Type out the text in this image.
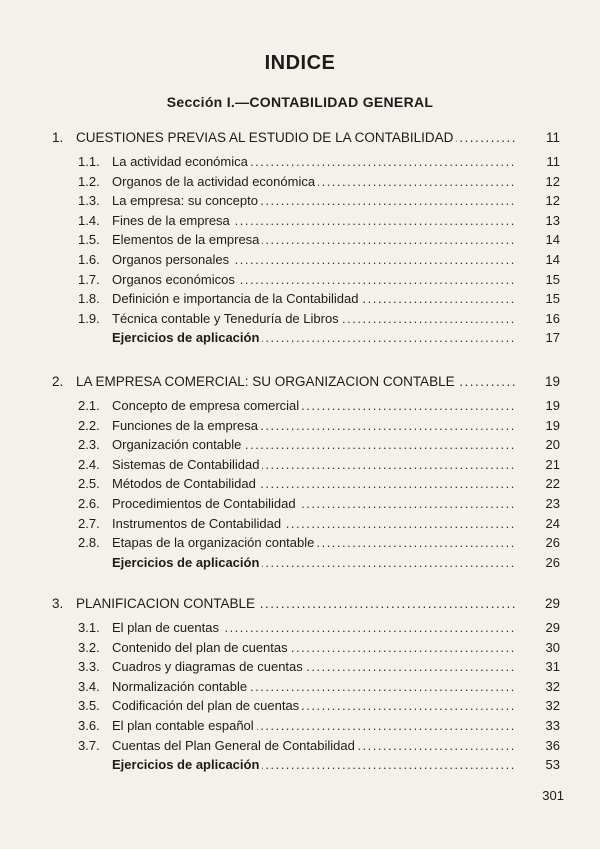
INDICE
Sección I.—CONTABILIDAD GENERAL
1. CUESTIONES PREVIAS AL ESTUDIO DE LA CONTABILIDAD .....	11
1.1. La actividad económica .....	11
1.2. Organos de la actividad económica .....	12
1.3. La empresa: su concepto .....	12
1.4. Fines de la empresa .....	13
1.5. Elementos de la empresa .....	14
1.6. Organos personales .....	14
1.7. Organos económicos .....	15
1.8. Definición e importancia de la Contabilidad .....	15
1.9. Técnica contable y Teneduría de Libros .....	16
Ejercicios de aplicación .....	17
2. LA EMPRESA COMERCIAL: SU ORGANIZACION CONTABLE .....	19
2.1. Concepto de empresa comercial .....	19
2.2. Funciones de la empresa .....	19
2.3. Organización contable .....	20
2.4. Sistemas de Contabilidad .....	21
2.5. Métodos de Contabilidad .....	22
2.6. Procedimientos de Contabilidad .....	23
2.7. Instrumentos de Contabilidad .....	24
2.8. Etapas de la organización contable .....	26
Ejercicios de aplicación .....	26
3. PLANIFICACION CONTABLE .....	29
3.1. El plan de cuentas .....	29
3.2. Contenido del plan de cuentas .....	30
3.3. Cuadros y diagramas de cuentas .....	31
3.4. Normalización contable .....	32
3.5. Codificación del plan de cuentas .....	32
3.6. El plan contable español .....	33
3.7. Cuentas del Plan General de Contabilidad .....	36
Ejercicios de aplicación .....	53
301
